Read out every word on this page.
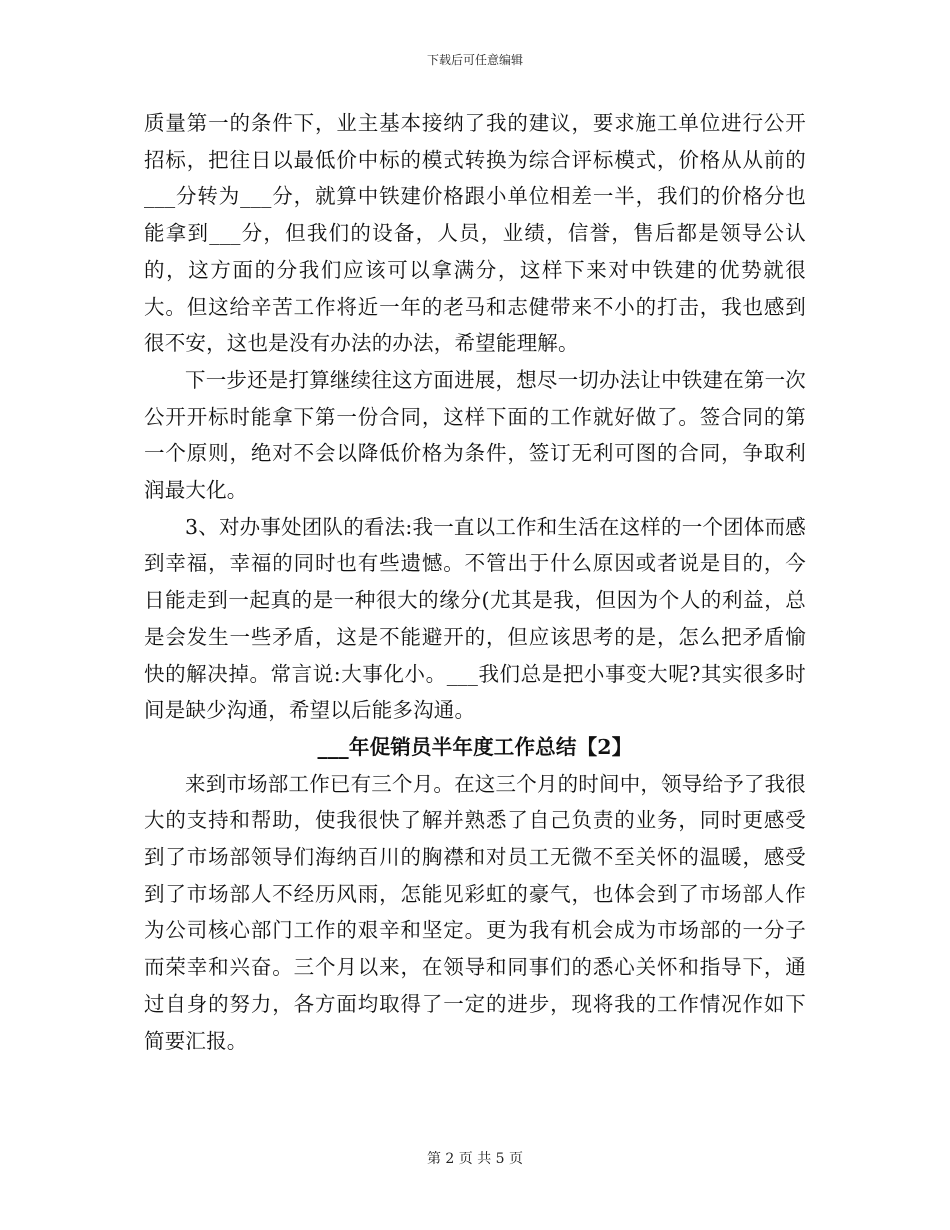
下载后可任意编辑

质量第一的条件下，业主基本接纳了我的建议，要求施工单位进行公开招标，把往日以最低价中标的模式转换为综合评标模式，价格从从前的___分转为___分，就算中铁建价格跟小单位相差一半，我们的价格分也能拿到___分，但我们的设备，人员，业绩，信誉，售后都是领导公认的，这方面的分我们应该可以拿满分，这样下来对中铁建的优势就很大。但这给辛苦工作将近一年的老马和志健带来不小的打击，我也感到很不安，这也是没有办法的办法，希望能理解。

下一步还是打算继续往这方面进展，想尽一切办法让中铁建在第一次公开开标时能拿下第一份合同，这样下面的工作就好做了。签合同的第一个原则，绝对不会以降低价格为条件，签订无利可图的合同，争取利润最大化。

3、对办事处团队的看法:我一直以工作和生活在这样的一个团体而感到幸福，幸福的同时也有些遗憾。不管出于什么原因或者说是目的，今日能走到一起真的是一种很大的缘分(尤其是我，但因为个人的利益，总是会发生一些矛盾，这是不能避开的，但应该思考的是，怎么把矛盾愉快的解决掉。常言说:大事化小。___我们总是把小事变大呢?其实很多时间是缺少沟通，希望以后能多沟通。

___年促销员半年度工作总结【2】

来到市场部工作已有三个月。在这三个月的时间中，领导给予了我很大的支持和帮助，使我很快了解并熟悉了自己负责的业务，同时更感受到了市场部领导们海纳百川的胸襟和对员工无微不至关怀的温暖，感受到了市场部人不经历风雨，怎能见彩虹的豪气，也体会到了市场部人作为公司核心部门工作的艰辛和坚定。更为我有机会成为市场部的一分子而荣幸和兴奋。三个月以来，在领导和同事们的悉心关怀和指导下，通过自身的努力，各方面均取得了一定的进步，现将我的工作情况作如下简要汇报。

第 2 页 共 5 页
